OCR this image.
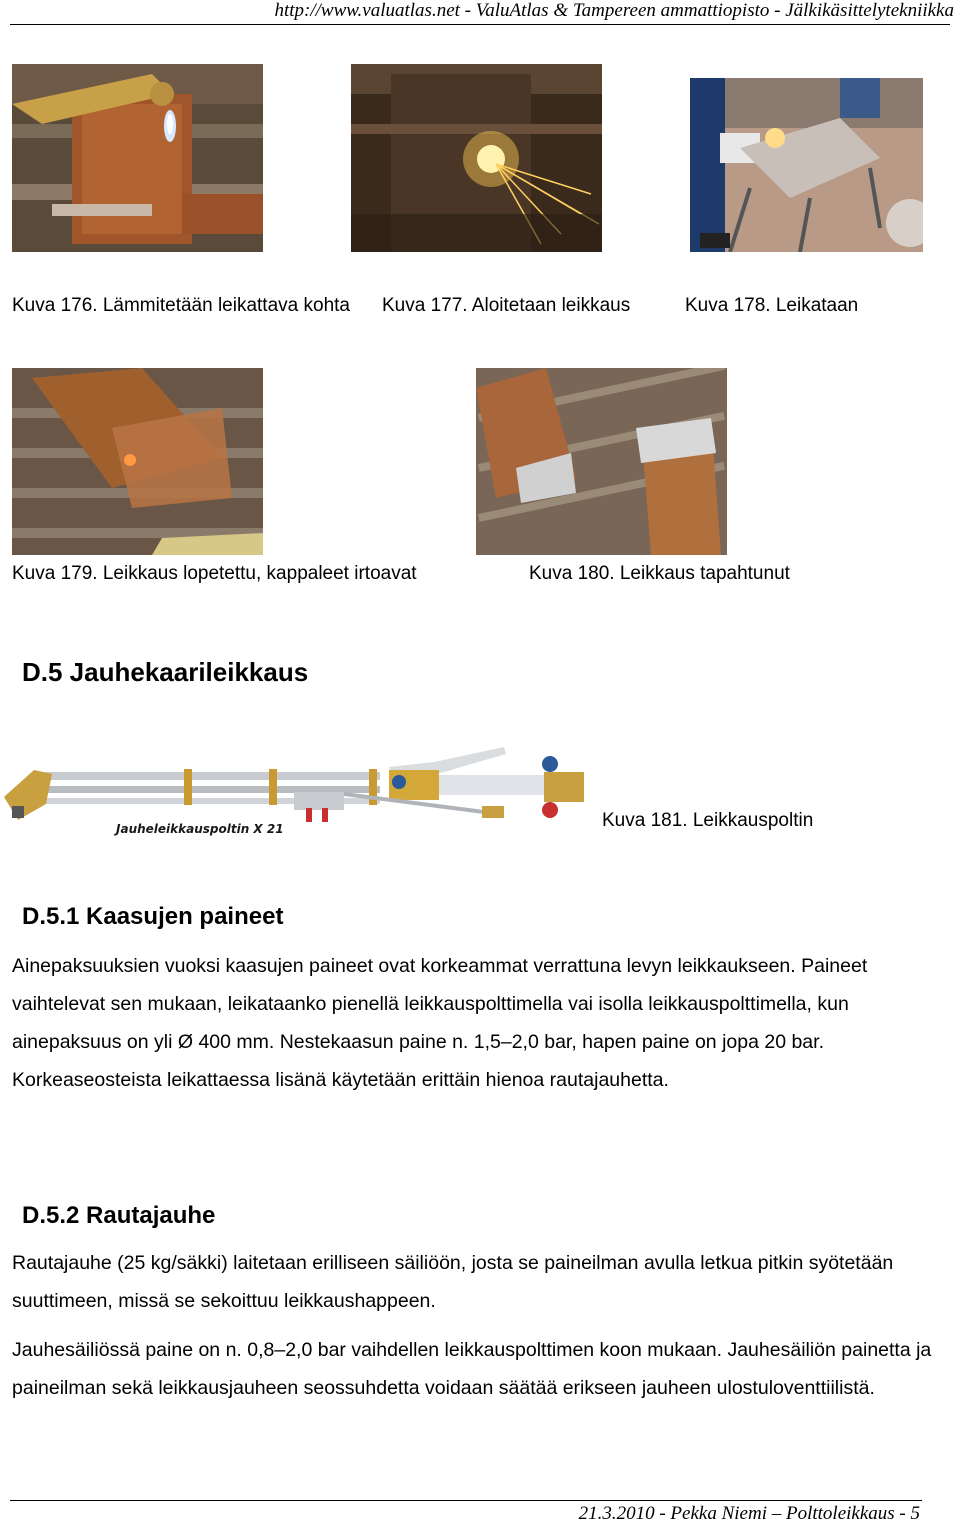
http://www.valuatlas.net - ValuAtlas & Tampereen ammattiopisto - Jälkikäsittelytekniikka
Kuva 176. Lämmitetään leikattava kohta Kuva 177. Aloitetaan leikkaus	Kuva 178. Leikataan
Kuva 179. Leikkaus lopetettu, kappaleet irtoavat	Kuva 180. Leikkaus tapahtunut
D.5 Jauhekaarileikkaus
Jauheleikkauspoltin X 21	Kuva 181. Leikkauspoltin
D.5.1 Kaasujen paineet
Ainepaksuuksien vuoksi kaasujen paineet ovat korkeammat verrattuna levyn leikkaukseen. Paineet vaihtelevat sen mukaan, leikataanko pienellä leikkauspolttimella vai isolla leikkauspolttimella, kun ainepaksuus on yli Ø 400 mm. Nestekaasun paine n. 1,5–2,0 bar, hapen paine on jopa 20 bar. Korkeaseosteista leikattaessa lisänä käytetään erittäin hienoa rautajauhetta.
D.5.2 Rautajauhe
Rautajauhe (25 kg/säkki) laitetaan erilliseen säiliöön, josta se paineilman avulla letkua pitkin syötetään suuttimeen, missä se sekoittuu leikkaushappeen.
Jauhesäiliössä paine on n. 0,8–2,0 bar vaihdellen leikkauspolttimen koon mukaan. Jauhesäiliön painetta ja paineilman sekä leikkausjauheen seossuhdetta voidaan säätää erikseen jauheen ulostuloventtiilistä.
21.3.2010 - Pekka Niemi – Polttoleikkaus - 5
